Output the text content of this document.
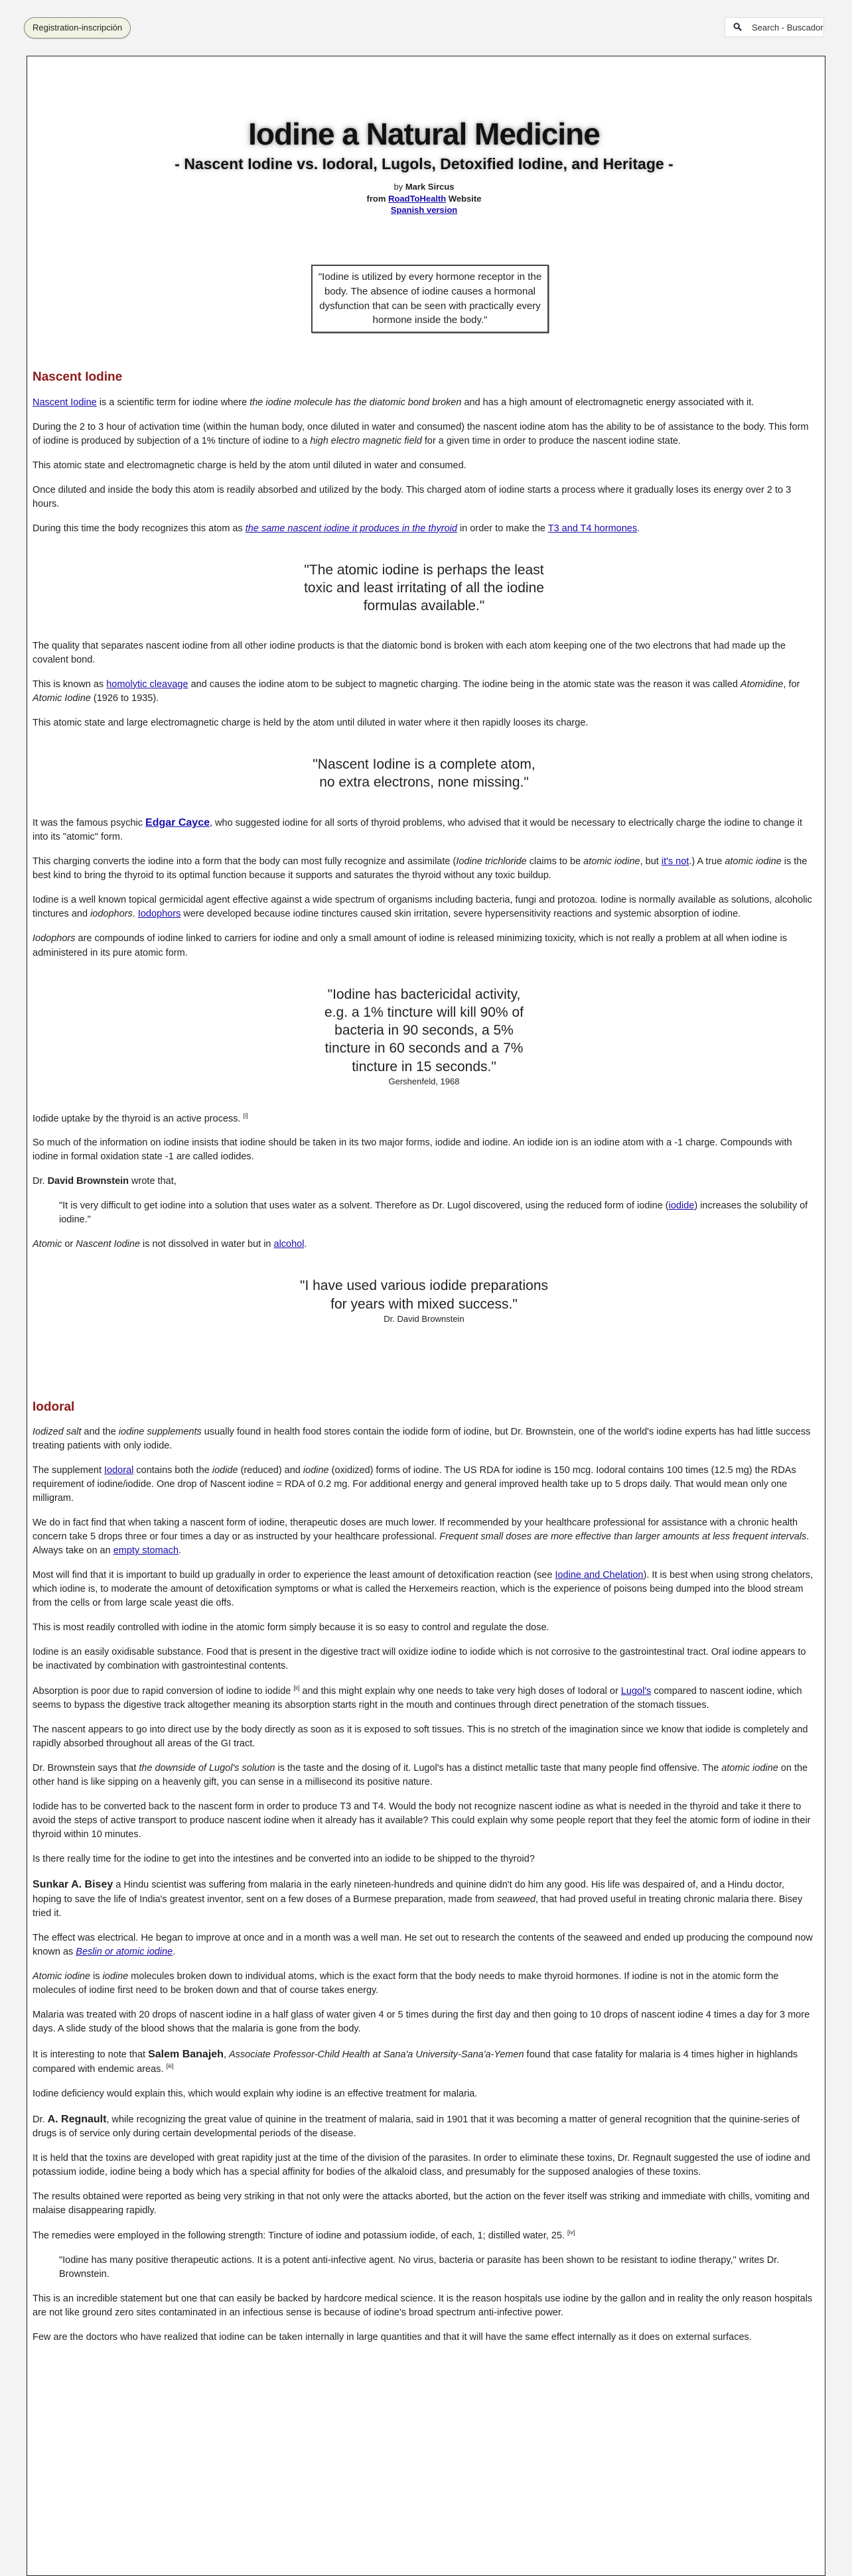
Registration-inscripción	Search - Buscador
Iodine a Natural Medicine
- Nascent Iodine vs. Iodoral, Lugols, Detoxified Iodine, and Heritage -
by Mark Sircus
from RoadToHealth Website
Spanish version
"Iodine is utilized by every hormone receptor in the body. The absence of iodine causes a hormonal dysfunction that can be seen with practically every hormone inside the body."
Nascent Iodine

Nascent Iodine is a scientific term for iodine where the iodine molecule has the diatomic bond broken and has a high amount of electromagnetic energy associated with it.

During the 2 to 3 hour of activation time (within the human body, once diluted in water and consumed) the nascent iodine atom has the ability to be of assistance to the body. This form of iodine is produced by subjection of a 1% tincture of iodine to a high electro magnetic field for a given time in order to produce the nascent iodine state.

This atomic state and electromagnetic charge is held by the atom until diluted in water and consumed.

Once diluted and inside the body this atom is readily absorbed and utilized by the body. This charged atom of iodine starts a process where it gradually loses its energy over 2 to 3 hours.

During this time the body recognizes this atom as the same nascent iodine it produces in the thyroid in order to make the T3 and T4 hormones.

"The atomic iodine is perhaps the least toxic and least irritating of all the iodine formulas available."

The quality that separates nascent iodine from all other iodine products is that the diatomic bond is broken with each atom keeping one of the two electrons that had made up the covalent bond.

This is known as homolytic cleavage and causes the iodine atom to be subject to magnetic charging. The iodine being in the atomic state was the reason it was called Atomidine, for Atomic Iodine (1926 to 1935).

This atomic state and large electromagnetic charge is held by the atom until diluted in water where it then rapidly looses its charge.

"Nascent Iodine is a complete atom, no extra electrons, none missing."

It was the famous psychic Edgar Cayce, who suggested iodine for all sorts of thyroid problems, who advised that it would be necessary to electrically charge the iodine to change it into its "atomic" form.

This charging converts the iodine into a form that the body can most fully recognize and assimilate (Iodine trichloride claims to be atomic iodine, but it's not.) A true atomic iodine is the best kind to bring the thyroid to its optimal function because it supports and saturates the thyroid without any toxic buildup.

Iodine is a well known topical germicidal agent effective against a wide spectrum of organisms including bacteria, fungi and protozoa. Iodine is normally available as solutions, alcoholic tinctures and iodophors. Iodophors were developed because iodine tinctures caused skin irritation, severe hypersensitivity reactions and systemic absorption of iodine.

Iodophors are compounds of iodine linked to carriers for iodine and only a small amount of iodine is released minimizing toxicity, which is not really a problem at all when iodine is administered in its pure atomic form.

"Iodine has bactericidal activity, e.g. a 1% tincture will kill 90% of bacteria in 90 seconds, a 5% tincture in 60 seconds and a 7% tincture in 15 seconds."
Gershenfeld, 1968

Iodide uptake by the thyroid is an active process. [i]

So much of the information on iodine insists that iodine should be taken in its two major forms, iodide and iodine. An iodide ion is an iodine atom with a -1 charge. Compounds with iodine in formal oxidation state -1 are called iodides.

Dr. David Brownstein wrote that,

"It is very difficult to get iodine into a solution that uses water as a solvent. Therefore as Dr. Lugol discovered, using the reduced form of iodine (iodide) increases the solubility of iodine."

Atomic or Nascent Iodine is not dissolved in water but in alcohol.

"I have used various iodide preparations for years with mixed success."
Dr. David Brownstein
Iodoral

Iodized salt and the iodine supplements usually found in health food stores contain the iodide form of iodine, but Dr. Brownstein, one of the world's iodine experts has had little success treating patients with only iodide.

The supplement Iodoral contains both the iodide (reduced) and iodine (oxidized) forms of iodine. The US RDA for iodine is 150 mcg. Iodoral contains 100 times (12.5 mg) the RDAs requirement of iodine/iodide. One drop of Nascent iodine = RDA of 0.2 mg. For additional energy and general improved health take up to 5 drops daily. That would mean only one milligram.

We do in fact find that when taking a nascent form of iodine, therapeutic doses are much lower. If recommended by your healthcare professional for assistance with a chronic health concern take 5 drops three or four times a day or as instructed by your healthcare professional. Frequent small doses are more effective than larger amounts at less frequent intervals. Always take on an empty stomach.

Most will find that it is important to build up gradually in order to experience the least amount of detoxification reaction (see Iodine and Chelation). It is best when using strong chelators, which iodine is, to moderate the amount of detoxification symptoms or what is called the Herxemeirs reaction, which is the experience of poisons being dumped into the blood stream from the cells or from large scale yeast die offs.

This is most readily controlled with iodine in the atomic form simply because it is so easy to control and regulate the dose.

Iodine is an easily oxidisable substance. Food that is present in the digestive tract will oxidize iodine to iodide which is not corrosive to the gastrointestinal tract. Oral iodine appears to be inactivated by combination with gastrointestinal contents.

Absorption is poor due to rapid conversion of iodine to iodide [ii] and this might explain why one needs to take very high doses of Iodoral or Lugol's compared to nascent iodine, which seems to bypass the digestive track altogether meaning its absorption starts right in the mouth and continues through direct penetration of the stomach tissues.

The nascent appears to go into direct use by the body directly as soon as it is exposed to soft tissues. This is no stretch of the imagination since we know that iodide is completely and rapidly absorbed throughout all areas of the GI tract.

Dr. Brownstein says that the downside of Lugol's solution is the taste and the dosing of it. Lugol's has a distinct metallic taste that many people find offensive. The atomic iodine on the other hand is like sipping on a heavenly gift, you can sense in a millisecond its positive nature.

Iodide has to be converted back to the nascent form in order to produce T3 and T4. Would the body not recognize nascent iodine as what is needed in the thyroid and take it there to avoid the steps of active transport to produce nascent iodine when it already has it available? This could explain why some people report that they feel the atomic form of iodine in their thyroid within 10 minutes.

Is there really time for the iodine to get into the intestines and be converted into an iodide to be shipped to the thyroid?

Sunkar A. Bisey a Hindu scientist was suffering from malaria in the early nineteen-hundreds and quinine didn't do him any good. His life was despaired of, and a Hindu doctor, hoping to save the life of India's greatest inventor, sent on a few doses of a Burmese preparation, made from seaweed, that had proved useful in treating chronic malaria there. Bisey tried it.

The effect was electrical. He began to improve at once and in a month was a well man. He set out to research the contents of the seaweed and ended up producing the compound now known as Beslin or atomic iodine.

Atomic iodine is iodine molecules broken down to individual atoms, which is the exact form that the body needs to make thyroid hormones. If iodine is not in the atomic form the molecules of iodine first need to be broken down and that of course takes energy.

Malaria was treated with 20 drops of nascent iodine in a half glass of water given 4 or 5 times during the first day and then going to 10 drops of nascent iodine 4 times a day for 3 more days. A slide study of the blood shows that the malaria is gone from the body.

It is interesting to note that Salem Banajeh, Associate Professor-Child Health at Sana'a University-Sana'a-Yemen found that case fatality for malaria is 4 times higher in highlands compared with endemic areas. [iii]

Iodine deficiency would explain this, which would explain why iodine is an effective treatment for malaria.

Dr. A. Regnault, while recognizing the great value of quinine in the treatment of malaria, said in 1901 that it was becoming a matter of general recognition that the quinine-series of drugs is of service only during certain developmental periods of the disease.

It is held that the toxins are developed with great rapidity just at the time of the division of the parasites. In order to eliminate these toxins, Dr. Regnault suggested the use of iodine and potassium iodide, iodine being a body which has a special affinity for bodies of the alkaloid class, and presumably for the supposed analogies of these toxins.

The results obtained were reported as being very striking in that not only were the attacks aborted, but the action on the fever itself was striking and immediate with chills, vomiting and malaise disappearing rapidly.

The remedies were employed in the following strength: Tincture of iodine and potassium iodide, of each, 1; distilled water, 25. [iv]

"Iodine has many positive therapeutic actions. It is a potent anti-infective agent. No virus, bacteria or parasite has been shown to be resistant to iodine therapy," writes Dr. Brownstein.

This is an incredible statement but one that can easily be backed by hardcore medical science. It is the reason hospitals use iodine by the gallon and in reality the only reason hospitals are not like ground zero sites contaminated in an infectious sense is because of iodine's broad spectrum anti-infective power.

Few are the doctors who have realized that iodine can be taken internally in large quantities and that it will have the same effect internally as it does on external surfaces.
